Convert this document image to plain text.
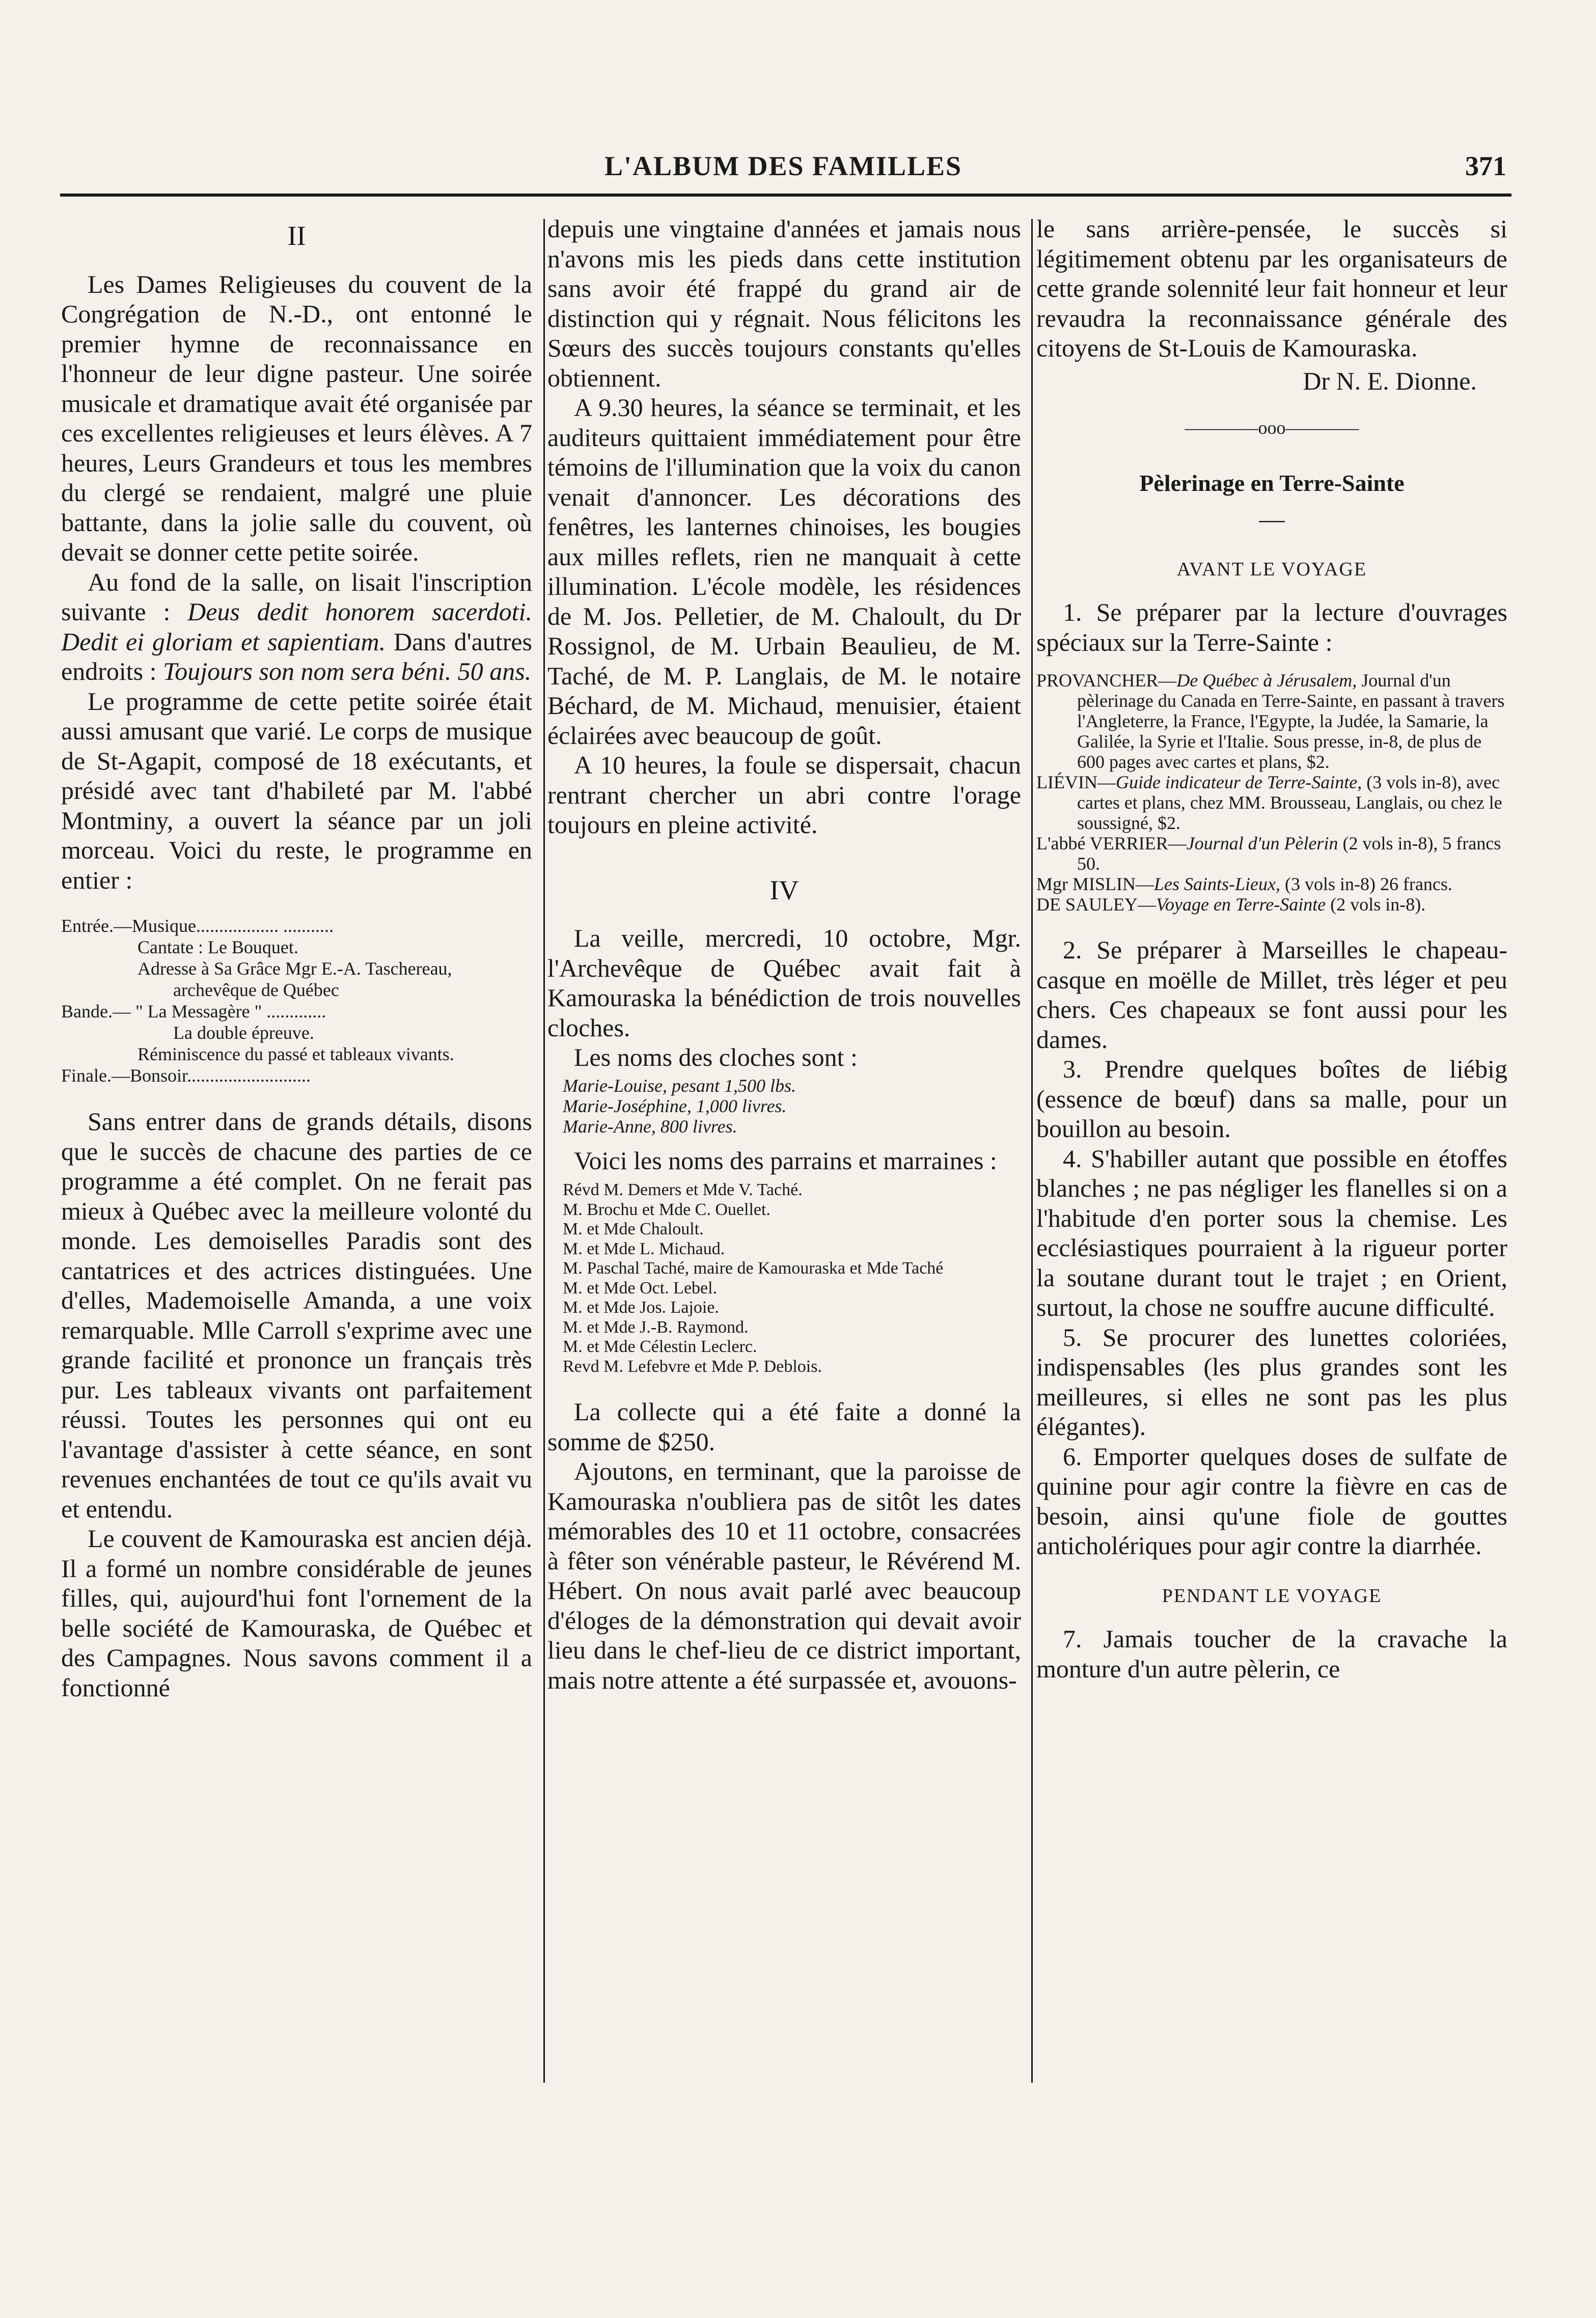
L'ALBUM DES FAMILLES	371
II

Les Dames Religieuses du couvent de la Congrégation de N.-D., ont entonné le premier hymne de reconnaissance en l'honneur de leur digne pasteur. Une soirée musicale et dramatique avait été organisée par ces excellentes religieuses et leurs élèves. A 7 heures, Leurs Grandeurs et tous les membres du clergé se rendaient, malgré une pluie battante, dans la jolie salle du couvent, où devait se donner cette petite soirée.

Au fond de la salle, on lisait l'inscription suivante : Deus dedit honorem sacerdoti. Dedit ei gloriam et sapientiam. Dans d'autres endroits : Toujours son nom sera béni. 50 ans.

Le programme de cette petite soirée était aussi amusant que varié. Le corps de musique de St-Agapit, composé de 18 exécutants, et présidé avec tant d'habileté par M. l'abbé Montminy, a ouvert la séance par un joli morceau. Voici du reste, le programme en entier :

Entrée.—Musique.................. ...........
Cantate : Le Bouquet.
Adresse à Sa Grâce Mgr E.-A. Taschereau,
archevêque de Québec
Bande.— " La Messagère " .............
La double épreuve.
Réminiscence du passé et tableaux vivants.
Finale.—Bonsoir...........................

Sans entrer dans de grands détails, disons que le succès de chacune des parties de ce programme a été complet. On ne ferait pas mieux à Québec avec la meilleure volonté du monde. Les demoiselles Paradis sont des cantatrices et des actrices distinguées. Une d'elles, Mademoiselle Amanda, a une voix remarquable. Mlle Carroll s'exprime avec une grande facilité et prononce un français très pur. Les tableaux vivants ont parfaitement réussi. Toutes les personnes qui ont eu l'avantage d'assister à cette séance, en sont revenues enchantées de tout ce qu'ils avait vu et entendu.

Le couvent de Kamouraska est ancien déjà. Il a formé un nombre considérable de jeunes filles, qui, aujourd'hui font l'ornement de la belle société de Kamouraska, de Québec et des Campagnes. Nous savons comment il a fonctionné

depuis une vingtaine d'années et jamais nous n'avons mis les pieds dans cette institution sans avoir été frappé du grand air de distinction qui y régnait. Nous félicitons les Sœurs des succès toujours constants qu'elles obtiennent.

A 9.30 heures, la séance se terminait, et les auditeurs quittaient immédiatement pour être témoins de l'illumination que la voix du canon venait d'annoncer. Les décorations des fenêtres, les lanternes chinoises, les bougies aux milles reflets, rien ne manquait à cette illumination. L'école modèle, les résidences de M. Jos. Pelletier, de M. Chaloult, du Dr Rossignol, de M. Urbain Beaulieu, de M. Taché, de M. P. Langlais, de M. le notaire Béchard, de M. Michaud, menuisier, étaient éclairées avec beaucoup de goût.

A 10 heures, la foule se dispersait, chacun rentrant chercher un abri contre l'orage toujours en pleine activité.

IV

La veille, mercredi, 10 octobre, Mgr. l'Archevêque de Québec avait fait à Kamouraska la bénédiction de trois nouvelles cloches.

Les noms des cloches sont :

Marie-Louise, pesant 1,500 lbs.
Marie-Joséphine, 1,000 livres.
Marie-Anne, 800 livres.

Voici les noms des parrains et marraines :

Révd M. Demers et Mde V. Taché.
M. Brochu et Mde C. Ouellet.
M. et Mde Chaloult.
M. et Mde L. Michaud.
M. Paschal Taché, maire de Kamouraska et Mde Taché
M. et Mde Oct. Lebel.
M. et Mde Jos. Lajoie.
M. et Mde J.-B. Raymond.
M. et Mde Célestin Leclerc.
Revd M. Lefebvre et Mde P. Deblois.

La collecte qui a été faite a donné la somme de $250.

Ajoutons, en terminant, que la paroisse de Kamouraska n'oubliera pas de sitôt les dates mémorables des 10 et 11 octobre, consacrées à fêter son vénérable pasteur, le Révérend M. Hébert. On nous avait parlé avec beaucoup d'éloges de la démonstration qui devait avoir lieu dans le chef-lieu de ce district important, mais notre attente a été surpassée et, avouons-

le sans arrière-pensée, le succès si légitimement obtenu par les organisateurs de cette grande solennité leur fait honneur et leur revaudra la reconnaissance générale des citoyens de St-Louis de Kamouraska.

Dr N. E. Dionne.
————ooo————
Pèlerinage en Terre-Sainte
—
AVANT LE VOYAGE

1. Se préparer par la lecture d'ouvrages spéciaux sur la Terre-Sainte :

PROVANCHER—De Québec à Jérusalem, Journal d'un pèlerinage du Canada en Terre-Sainte, en passant à travers l'Angleterre, la France, l'Egypte, la Judée, la Samarie, la Galilée, la Syrie et l'Italie. Sous presse, in-8, de plus de 600 pages avec cartes et plans, $2.
LIÉVIN—Guide indicateur de Terre-Sainte, (3 vols in-8), avec cartes et plans, chez MM. Brousseau, Langlais, ou chez le soussigné, $2.
L'abbé VERRIER—Journal d'un Pèlerin (2 vols in-8), 5 francs 50.
Mgr MISLIN—Les Saints-Lieux, (3 vols in-8) 26 francs.
DE SAULEY—Voyage en Terre-Sainte (2 vols in-8).

2. Se préparer à Marseilles le chapeau-casque en moëlle de Millet, très léger et peu chers. Ces chapeaux se font aussi pour les dames.

3. Prendre quelques boîtes de liébig (essence de bœuf) dans sa malle, pour un bouillon au besoin.

4. S'habiller autant que possible en étoffes blanches ; ne pas négliger les flanelles si on a l'habitude d'en porter sous la chemise. Les ecclésiastiques pourraient à la rigueur porter la soutane durant tout le trajet ; en Orient, surtout, la chose ne souffre aucune difficulté.

5. Se procurer des lunettes coloriées, indispensables (les plus grandes sont les meilleures, si elles ne sont pas les plus élégantes).

6. Emporter quelques doses de sulfate de quinine pour agir contre la fièvre en cas de besoin, ainsi qu'une fiole de gouttes anticholériques pour agir contre la diarrhée.

PENDANT LE VOYAGE

7. Jamais toucher de la cravache la monture d'un autre pèlerin, ce
